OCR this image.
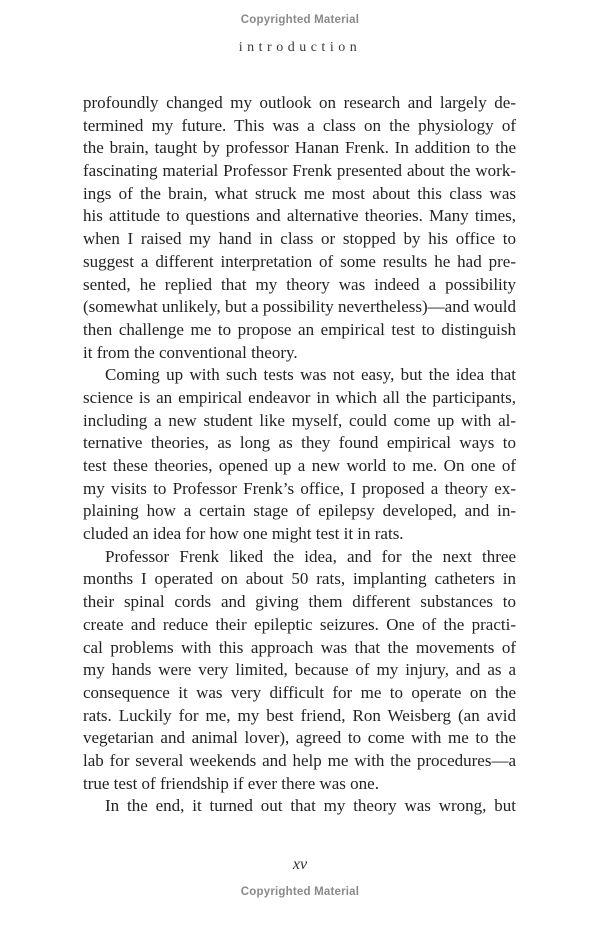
Copyrighted Material
introduction
profoundly changed my outlook on research and largely de-
termined my future. This was a class on the physiology of
the brain, taught by professor Hanan Frenk. In addition to the
fascinating material Professor Frenk presented about the work-
ings of the brain, what struck me most about this class was
his attitude to questions and alternative theories. Many times,
when I raised my hand in class or stopped by his office to
suggest a different interpretation of some results he had pre-
sented, he replied that my theory was indeed a possibility
(somewhat unlikely, but a possibility nevertheless)—and would
then challenge me to propose an empirical test to distinguish
it from the conventional theory.
Coming up with such tests was not easy, but the idea that
science is an empirical endeavor in which all the participants,
including a new student like myself, could come up with al-
ternative theories, as long as they found empirical ways to
test these theories, opened up a new world to me. On one of
my visits to Professor Frenk’s office, I proposed a theory ex-
plaining how a certain stage of epilepsy developed, and in-
cluded an idea for how one might test it in rats.
Professor Frenk liked the idea, and for the next three
months I operated on about 50 rats, implanting catheters in
their spinal cords and giving them different substances to
create and reduce their epileptic seizures. One of the practi-
cal problems with this approach was that the movements of
my hands were very limited, because of my injury, and as a
consequence it was very difficult for me to operate on the
rats. Luckily for me, my best friend, Ron Weisberg (an avid
vegetarian and animal lover), agreed to come with me to the
lab for several weekends and help me with the procedures—a
true test of friendship if ever there was one.
In the end, it turned out that my theory was wrong, but
xv
Copyrighted Material
